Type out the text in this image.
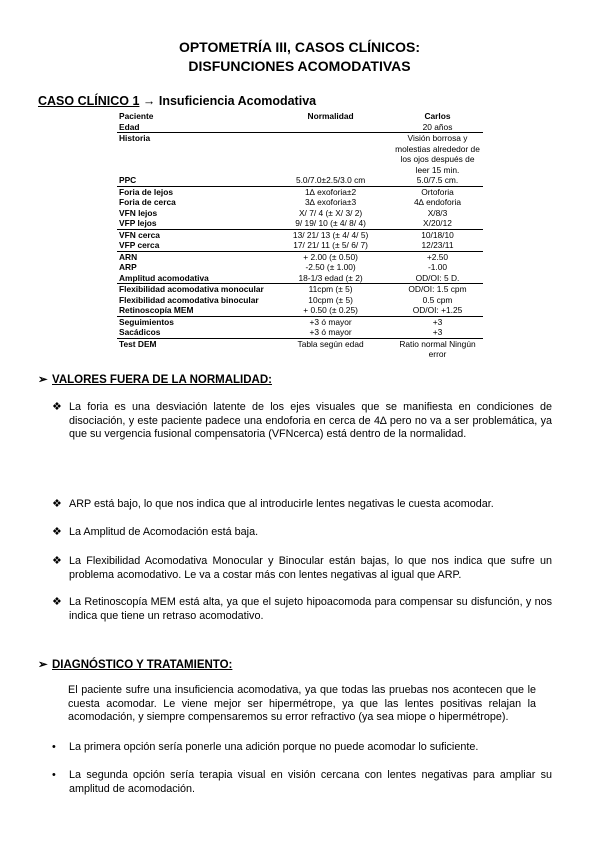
OPTOMETRÍA III, CASOS CLÍNICOS:
DISFUNCIONES ACOMODATIVAS
CASO CLÍNICO 1 → Insuficiencia Acomodativa
Paciente	Normalidad	Carlos
Edad		20 años
Historia		Visión borrosa y molestias alrededor de los ojos después de leer 15 min.
PPC	5.0/7.0±2.5/3.0 cm	5.0/7.5 cm.
Foria de lejos	1∆ exoforia±2	Ortoforia
Foria de cerca	3∆ exoforia±3	4∆ endoforia
VFN lejos	X/ 7/ 4 (± X/ 3/ 2)	X/8/3
VFP lejos	9/ 19/ 10 (± 4/ 8/ 4)	X/20/12
VFN cerca	13/ 21/ 13 (± 4/ 4/ 5)	10/18/10
VFP cerca	17/ 21/ 11 (± 5/ 6/ 7)	12/23/11
ARN	+ 2.00 (± 0.50)	+2.50
ARP	-2.50 (± 1.00)	-1.00
Amplitud acomodativa	18-1/3 edad (± 2)	OD/OI: 5 D.
Flexibilidad acomodativa monocular	11cpm (± 5)	OD/OI: 1.5 cpm
Flexibilidad acomodativa binocular	10cpm (± 5)	0.5 cpm
Retinoscopía MEM	+ 0.50 (± 0.25)	OD/OI: +1.25
Seguimientos	+3 ó mayor	+3
Sacádicos	+3 ó mayor	+3
Test DEM	Tabla según edad	Ratio normal Ningún error
➢ VALORES FUERA DE LA NORMALIDAD:
❖ La foria es una desviación latente de los ejes visuales que se manifiesta en condiciones de disociación, y este paciente padece una endoforia en cerca de 4∆ pero no va a ser problemática, ya que su vergencia fusional compensatoria (VFNcerca) está dentro de la normalidad.
❖ ARP está bajo, lo que nos indica que al introducirle lentes negativas le cuesta acomodar.
❖ La Amplitud de Acomodación está baja.
❖ La Flexibilidad Acomodativa Monocular y Binocular están bajas, lo que nos indica que sufre un problema acomodativo. Le va a costar más con lentes negativas al igual que ARP.
❖ La Retinoscopía MEM está alta, ya que el sujeto hipoacomoda para compensar su disfunción, y nos indica que tiene un retraso acomodativo.
➢ DIAGNÓSTICO Y TRATAMIENTO:
El paciente sufre una insuficiencia acomodativa, ya que todas las pruebas nos acontecen que le cuesta acomodar. Le viene mejor ser hipermétrope, ya que las lentes positivas relajan la acomodación, y siempre compensaremos su error refractivo (ya sea miope o hipermétrope).
•	La primera opción sería ponerle una adición porque no puede acomodar lo suficiente.
•	La segunda opción sería terapia visual en visión cercana con lentes negativas para ampliar su amplitud de acomodación.
